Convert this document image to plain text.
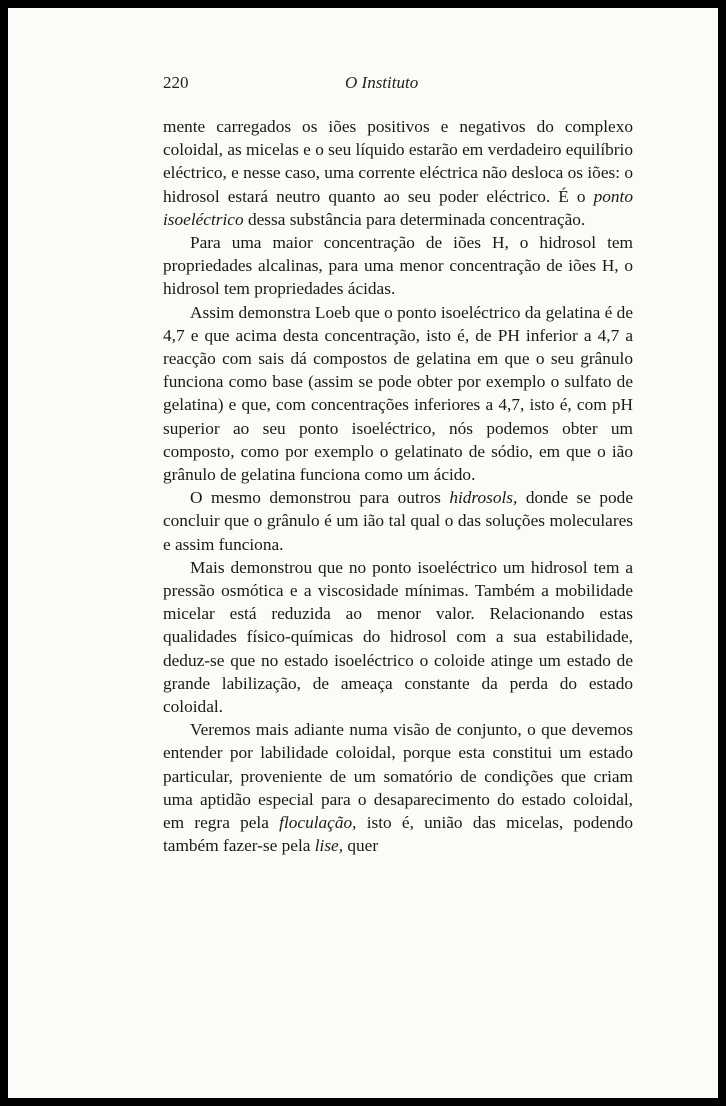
220	O Instituto

mente carregados os iões positivos e negativos do complexo coloidal, as micelas e o seu líquido estarão em verdadeiro equilíbrio eléctrico, e nesse caso, uma corrente eléctrica não desloca os iões: o hidrosol estará neutro quanto ao seu poder eléctrico. É o ponto isoeléctrico dessa substância para determinada concentração.

Para uma maior concentração de iões H, o hidrosol tem propriedades alcalinas, para uma menor concentração de iões H, o hidrosol tem propriedades ácidas.

Assim demonstra Loeb que o ponto isoeléctrico da gelatina é de 4,7 e que acima desta concentração, isto é, de PH inferior a 4,7 a reacção com sais dá compostos de gelatina em que o seu grânulo funciona como base (assim se pode obter por exemplo o sulfato de gelatina) e que, com concentrações inferiores a 4,7, isto é, com pH superior ao seu ponto isoeléctrico, nós podemos obter um composto, como por exemplo o gelatinato de sódio, em que o ião grânulo de gelatina funciona como um ácido.

O mesmo demonstrou para outros hidrosols, donde se pode concluir que o grânulo é um ião tal qual o das soluções moleculares e assim funciona.

Mais demonstrou que no ponto isoeléctrico um hidrosol tem a pressão osmótica e a viscosidade mínimas. Também a mobilidade micelar está reduzida ao menor valor. Relacionando estas qualidades físico-químicas do hidrosol com a sua estabilidade, deduz-se que no estado isoeléctrico o coloide atinge um estado de grande labilização, de ameaça constante da perda do estado coloidal.

Veremos mais adiante numa visão de conjunto, o que devemos entender por labilidade coloidal, porque esta constitui um estado particular, proveniente de um somatório de condições que criam uma aptidão especial para o desaparecimento do estado coloidal, em regra pela floculação, isto é, união das micelas, podendo também fazer-se pela lise, quer
